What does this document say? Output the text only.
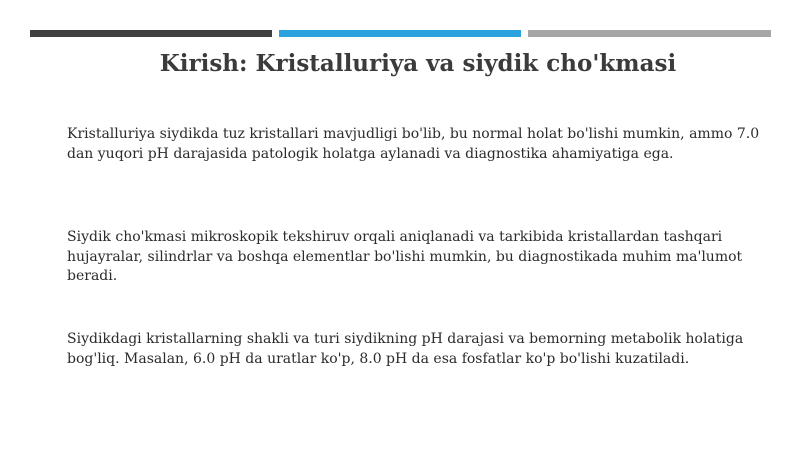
Kirish: Kristalluriya va siydik cho'kmasi
Kristalluriya siydikda tuz kristallari mavjudligi bo'lib, bu normal holat bo'lishi mumkin, ammo 7.0 dan yuqori pH darajasida patologik holatga aylanadi va diagnostika ahamiyatiga ega.
Siydik cho'kmasi mikroskopik tekshiruv orqali aniqlanadi va tarkibida kristallardan tashqari hujayralar, silindrlar va boshqa elementlar bo'lishi mumkin, bu diagnostikada muhim ma'lumot beradi.
Siydikdagi kristallarning shakli va turi siydikning pH darajasi va bemorning metabolik holatiga bog'liq. Masalan, 6.0 pH da uratlar ko'p, 8.0 pH da esa fosfatlar ko'p bo'lishi kuzatiladi.
